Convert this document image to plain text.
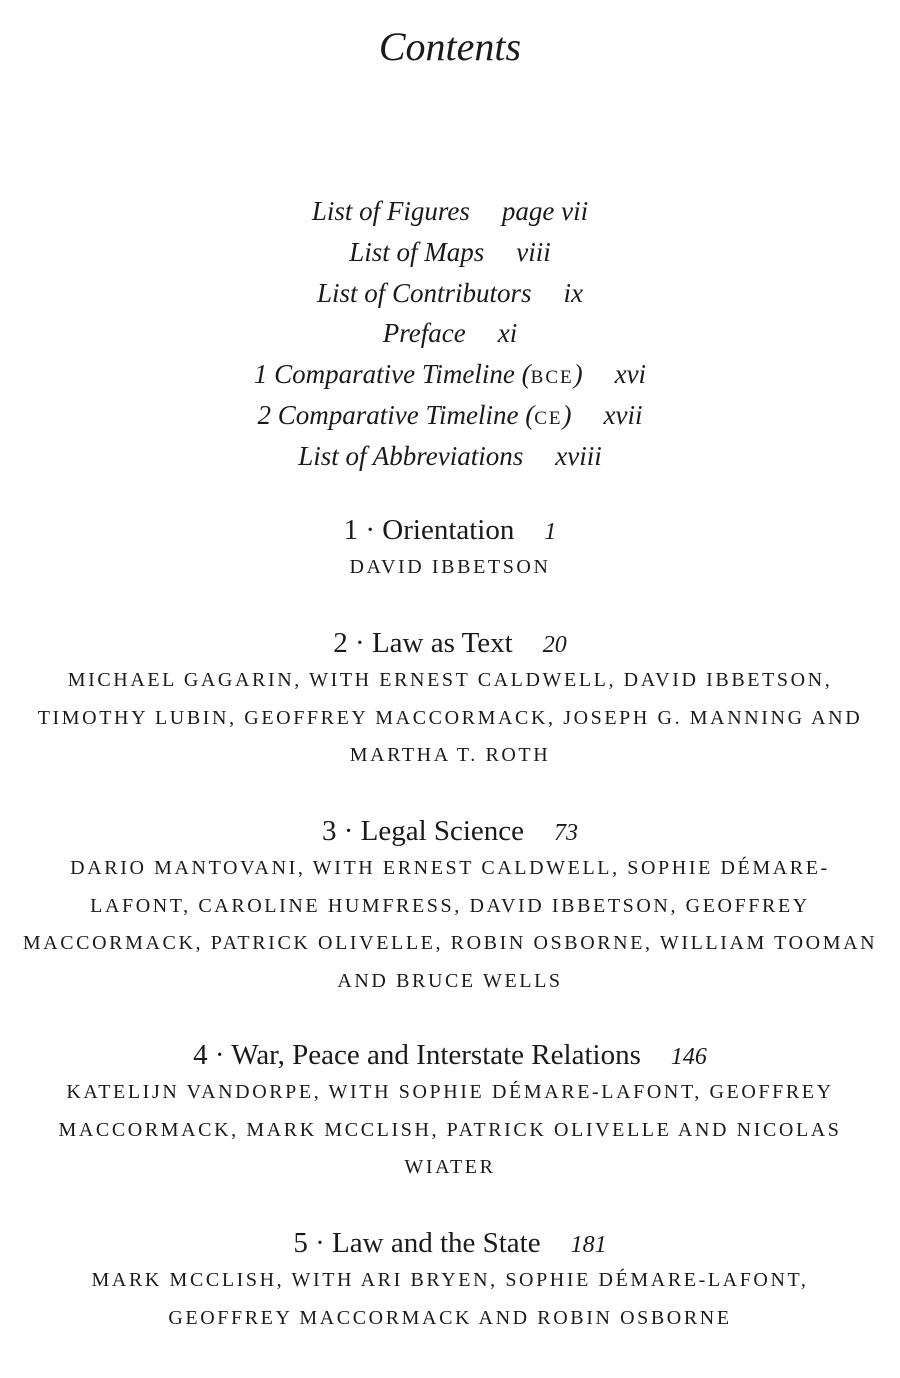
Contents
List of Figures page vii
List of Maps viii
List of Contributors ix
Preface xi
1 Comparative Timeline (bce) xvi
2 Comparative Timeline (ce) xvii
List of Abbreviations xviii
1 · Orientation 1
DAVID IBBETSON
2 · Law as Text 20
MICHAEL GAGARIN, WITH ERNEST CALDWELL, DAVID IBBETSON, TIMOTHY LUBIN, GEOFFREY MACCORMACK, JOSEPH G. MANNING AND MARTHA T. ROTH
3 · Legal Science 73
DARIO MANTOVANI, WITH ERNEST CALDWELL, SOPHIE DÉMARE-LAFONT, CAROLINE HUMFRESS, DAVID IBBETSON, GEOFFREY MACCORMACK, PATRICK OLIVELLE, ROBIN OSBORNE, WILLIAM TOOMAN AND BRUCE WELLS
4 · War, Peace and Interstate Relations 146
KATELIJN VANDORPE, WITH SOPHIE DÉMARE-LAFONT, GEOFFREY MACCORMACK, MARK MCCLISH, PATRICK OLIVELLE AND NICOLAS WIATER
5 · Law and the State 181
MARK MCCLISH, WITH ARI BRYEN, SOPHIE DÉMARE-LAFONT, GEOFFREY MACCORMACK AND ROBIN OSBORNE
